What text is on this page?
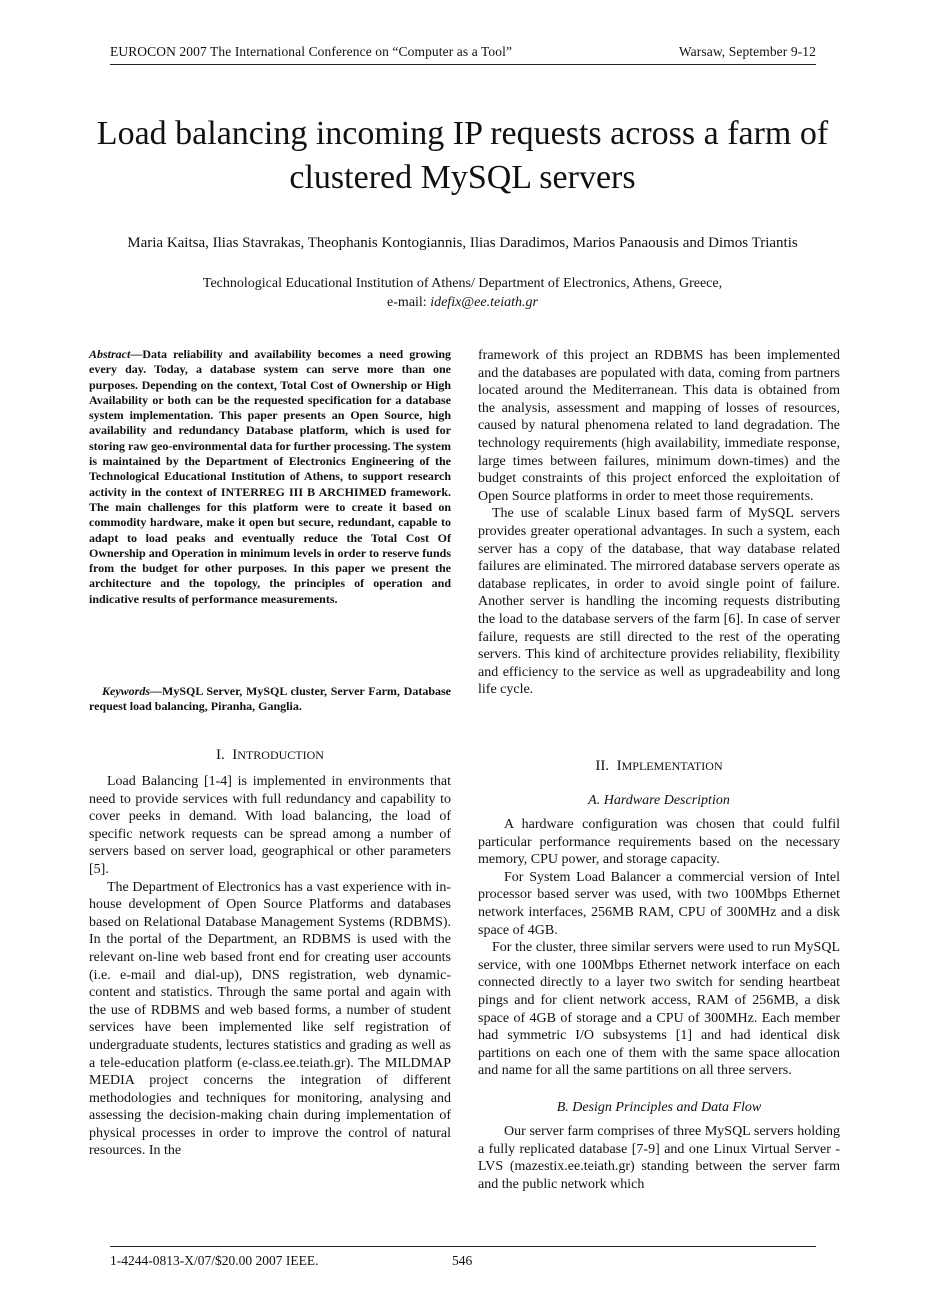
EUROCON 2007 The International Conference on “Computer as a Tool”	Warsaw, September 9-12
Load balancing incoming IP requests across a farm of clustered MySQL servers
Maria Kaitsa, Ilias Stavrakas, Theophanis Kontogiannis, Ilias Daradimos, Marios Panaousis and Dimos Triantis
Technological Educational Institution of Athens/ Department of Electronics, Athens, Greece,
e-mail: idefix@ee.teiath.gr

Abstract—Data reliability and availability becomes a need growing every day. Today, a database system can serve more than one purposes. Depending on the context, Total Cost of Ownership or High Availability or both can be the requested specification for a database system implementation. This paper presents an Open Source, high availability and redundancy Database platform, which is used for storing raw geo-environmental data for further processing. The system is maintained by the Department of Electronics Engineering of the Technological Educational Institution of Athens, to support research activity in the context of INTERREG III B ARCHIMED framework. The main challenges for this platform were to create it based on commodity hardware, make it open but secure, redundant, capable to adapt to load peaks and eventually reduce the Total Cost Of Ownership and Operation in minimum levels in order to reserve funds from the budget for other purposes. In this paper we present the architecture and the topology, the principles of operation and indicative results of performance measurements.

Keywords—MySQL Server, MySQL cluster, Server Farm, Database request load balancing, Piranha, Ganglia.
I. INTRODUCTION

Load Balancing [1-4] is implemented in environments that need to provide services with full redundancy and capability to cover peeks in demand. With load balancing, the load of specific network requests can be spread among a number of servers based on server load, geographical or other parameters [5].

The Department of Electronics has a vast experience with in-house development of Open Source Platforms and databases based on Relational Database Management Systems (RDBMS). In the portal of the Department, an RDBMS is used with the relevant on-line web based front end for creating user accounts (i.e. e-mail and dial-up), DNS registration, web dynamic-content and statistics. Through the same portal and again with the use of RDBMS and web based forms, a number of student services have been implemented like self registration of undergraduate students, lectures statistics and grading as well as a tele-education platform (e-class.ee.teiath.gr). The MILDMAP MEDIA project concerns the integration of different methodologies and techniques for monitoring, analysing and assessing the decision-making chain during implementation of physical processes in order to improve the control of natural resources. In the

framework of this project an RDBMS has been implemented and the databases are populated with data, coming from partners located around the Mediterranean. This data is obtained from the analysis, assessment and mapping of losses of resources, caused by natural phenomena related to land degradation. The technology requirements (high availability, immediate response, large times between failures, minimum down-times) and the budget constraints of this project enforced the exploitation of Open Source platforms in order to meet those requirements.

The use of scalable Linux based farm of MySQL servers provides greater operational advantages. In such a system, each server has a copy of the database, that way database related failures are eliminated. The mirrored database servers operate as database replicates, in order to avoid single point of failure. Another server is handling the incoming requests distributing the load to the database servers of the farm [6]. In case of server failure, requests are still directed to the rest of the operating servers. This kind of architecture provides reliability, flexibility and efficiency to the service as well as upgradeability and long life cycle.

II. IMPLEMENTATION
A. Hardware Description

A hardware configuration was chosen that could fulfil particular performance requirements based on the necessary memory, CPU power, and storage capacity.

For System Load Balancer a commercial version of Intel processor based server was used, with two 100Mbps Ethernet network interfaces, 256MB RAM, CPU of 300MHz and a disk space of 4GB.

For the cluster, three similar servers were used to run MySQL service, with one 100Mbps Ethernet network interface on each connected directly to a layer two switch for sending heartbeat pings and for client network access, RAM of 256MB, a disk space of 4GB of storage and a CPU of 300MHz. Each member had symmetric I/O subsystems [1] and had identical disk partitions on each one of them with the same space allocation and name for all the same partitions on all three servers.

B. Design Principles and Data Flow

Our server farm comprises of three MySQL servers holding a fully replicated database [7-9] and one Linux Virtual Server - LVS (mazestix.ee.teiath.gr) standing between the server farm and the public network which

1-4244-0813-X/07/$20.00 2007 IEEE.	546
